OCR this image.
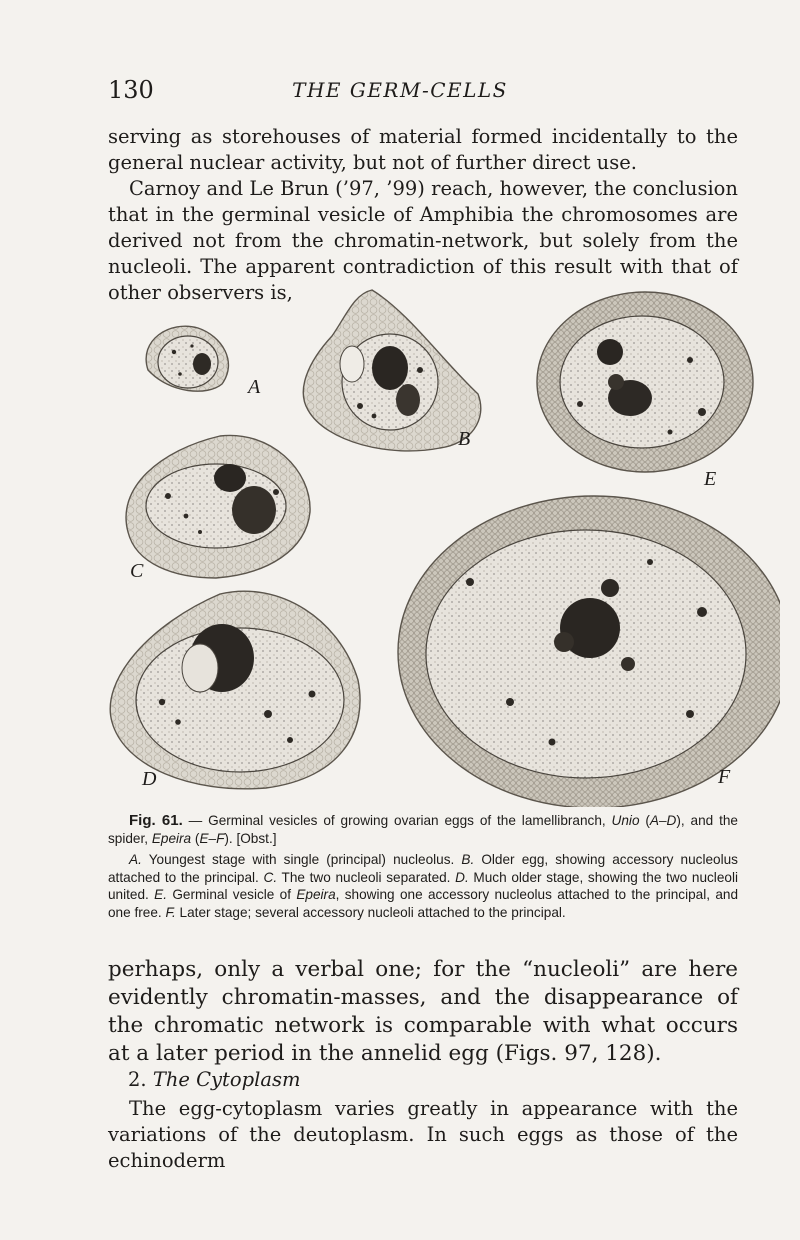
130	THE GERM-CELLS

serving as storehouses of material formed incidentally to the general nuclear activity, but not of further direct use.

Carnoy and Le Brun (’97, ’99) reach, however, the conclusion that in the germinal vesicle of Amphibia the chromosomes are derived not from the chromatin-network, but solely from the nucleoli. The apparent contradiction of this result with that of other observers is,

A
B
C
D
E
F

Fig. 61. — Germinal vesicles of growing ovarian eggs of the lamellibranch, Unio (A–D), and the spider, Epeira (E–F). [Obst.]

A. Youngest stage with single (principal) nucleolus. B. Older egg, showing accessory nucleolus attached to the principal. C. The two nucleoli separated. D. Much older stage, showing the two nucleoli united. E. Germinal vesicle of Epeira, showing one accessory nucleolus attached to the principal, and one free. F. Later stage; several accessory nucleoli attached to the principal.

perhaps, only a verbal one; for the “nucleoli” are here evidently chromatin-masses, and the disappearance of the chromatic network is comparable with what occurs at a later period in the annelid egg (Figs. 97, 128).
2. The Cytoplasm
The egg-cytoplasm varies greatly in appearance with the variations of the deutoplasm. In such eggs as those of the echinoderm
